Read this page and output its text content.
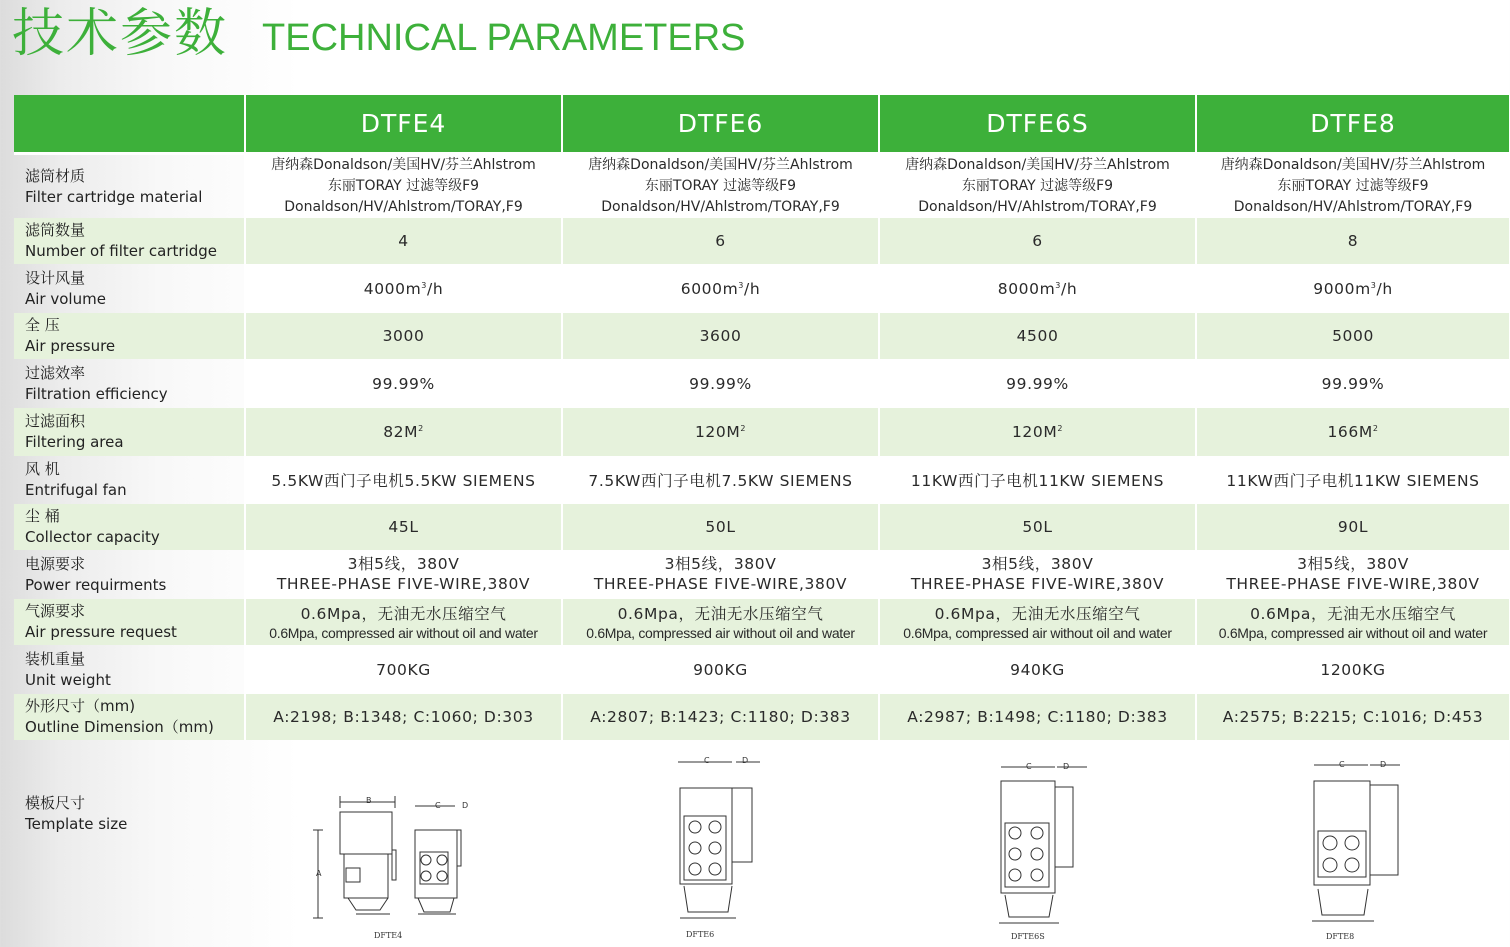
技术参数 TECHNICAL PARAMETERS
	DTFE4	DTFE6	DTFE6S	DTFE8

滤筒材质
Filter cartridge material	唐纳森Donaldson/美国HV/芬兰Ahlstrom
东丽TORAY 过滤等级F9
Donaldson/HV/Ahlstrom/TORAY,F9	唐纳森Donaldson/美国HV/芬兰Ahlstrom
东丽TORAY 过滤等级F9
Donaldson/HV/Ahlstrom/TORAY,F9	唐纳森Donaldson/美国HV/芬兰Ahlstrom
东丽TORAY 过滤等级F9
Donaldson/HV/Ahlstrom/TORAY,F9	唐纳森Donaldson/美国HV/芬兰Ahlstrom
东丽TORAY 过滤等级F9
Donaldson/HV/Ahlstrom/TORAY,F9

滤筒数量
Number of filter cartridge	4	6	6	8

设计风量
Air volume	$4000m^3/h$	$6000m^3/h$	$8000m^3/h$	$9000m^3/h$

全 压
Air pressure	3000	3600	4500	5000

过滤效率
Filtration efficiency	99.99%	99.99%	99.99%	99.99%

过滤面积
Filtering area	$82M^2$	$120M^2$	$120M^2$	$166M^2$

风 机
Entrifugal fan	5.5KW西门子电机5.5KW SIEMENS	7.5KW西门子电机7.5KW SIEMENS	11KW西门子电机11KW SIEMENS	11KW西门子电机11KW SIEMENS

尘 桶
Collector capacity	45L	50L	50L	90L

电源要求
Power requirments	3相5线，380V
THREE-PHASE FIVE-WIRE,380V	3相5线，380V
THREE-PHASE FIVE-WIRE,380V	3相5线，380V
THREE-PHASE FIVE-WIRE,380V	3相5线，380V
THREE-PHASE FIVE-WIRE,380V

气源要求
Air pressure request	0.6Mpa，无油无水压缩空气
0.6Mpa, compressed air without oil and water	0.6Mpa，无油无水压缩空气
0.6Mpa, compressed air without oil and water	0.6Mpa，无油无水压缩空气
0.6Mpa, compressed air without oil and water	0.6Mpa，无油无水压缩空气
0.6Mpa, compressed air without oil and water

装机重量
Unit weight	700KG	900KG	940KG	1200KG

外形尺寸（mm)
Outline Dimension（mm)	A:2198; B:1348; C:1060; D:303	A:2807; B:1423; C:1180; D:383	A:2987; B:1498; C:1180; D:383	A:2575; B:2215; C:1016; D:453
模板尺寸
Template size
B
A
C	D
DFTE4
C	D
DFTE6
C	D
DFTE6S
C	D
DFTE8
